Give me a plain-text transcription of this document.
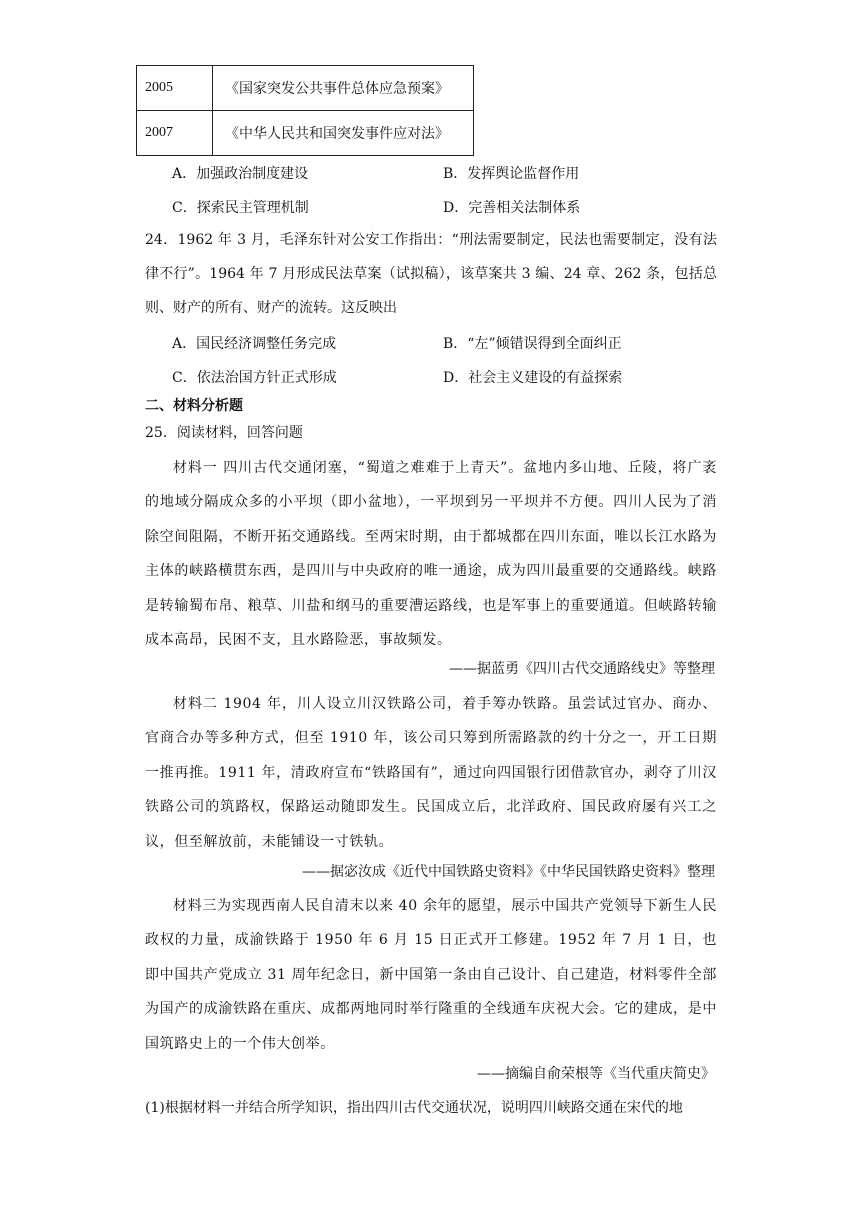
2005	《国家突发公共事件总体应急预案》
2007	《中华人民共和国突发事件应对法》
A．加强政治制度建设	B．发挥舆论监督作用
C．探索民主管理机制	D．完善相关法制体系
24．1962 年 3 月，毛泽东针对公安工作指出：“刑法需要制定，民法也需要制定，没有法律不行”。1964 年 7 月形成民法草案（试拟稿），该草案共 3 编、24 章、262 条，包括总则、财产的所有、财产的流转。这反映出
A．国民经济调整任务完成	B．“左”倾错误得到全面纠正
C．依法治国方针正式形成	D．社会主义建设的有益探索
二、材料分析题
25．阅读材料，回答问题
材料一 四川古代交通闭塞，“蜀道之难难于上青天”。盆地内多山地、丘陵，将广袤的地域分隔成众多的小平坝（即小盆地），一平坝到另一平坝并不方便。四川人民为了消除空间阻隔，不断开拓交通路线。至两宋时期，由于都城都在四川东面，唯以长江水路为主体的峡路横贯东西，是四川与中央政府的唯一通途，成为四川最重要的交通路线。峡路是转输蜀布帛、粮草、川盐和纲马的重要漕运路线，也是军事上的重要通道。但峡路转输成本高昂，民困不支，且水路险恶，事故频发。
——据蓝勇《四川古代交通路线史》等整理
材料二 1904 年，川人设立川汉铁路公司，着手筹办铁路。虽尝试过官办、商办、官商合办等多种方式，但至 1910 年，该公司只筹到所需路款的约十分之一，开工日期一推再推。1911 年，清政府宣布“铁路国有”，通过向四国银行团借款官办，剥夺了川汉铁路公司的筑路权，保路运动随即发生。民国成立后，北洋政府、国民政府屡有兴工之议，但至解放前，未能铺设一寸铁轨。
——据宓汝成《近代中国铁路史资料》《中华民国铁路史资料》整理
材料三为实现西南人民自清末以来 40 余年的愿望，展示中国共产党领导下新生人民政权的力量，成渝铁路于 1950 年 6 月 15 日正式开工修建。1952 年 7 月 1 日，也即中国共产党成立 31 周年纪念日，新中国第一条由自己设计、自己建造，材料零件全部为国产的成渝铁路在重庆、成都两地同时举行隆重的全线通车庆祝大会。它的建成，是中国筑路史上的一个伟大创举。
——摘编自俞荣根等《当代重庆简史》
(1)根据材料一并结合所学知识，指出四川古代交通状况，说明四川峡路交通在宋代的地
